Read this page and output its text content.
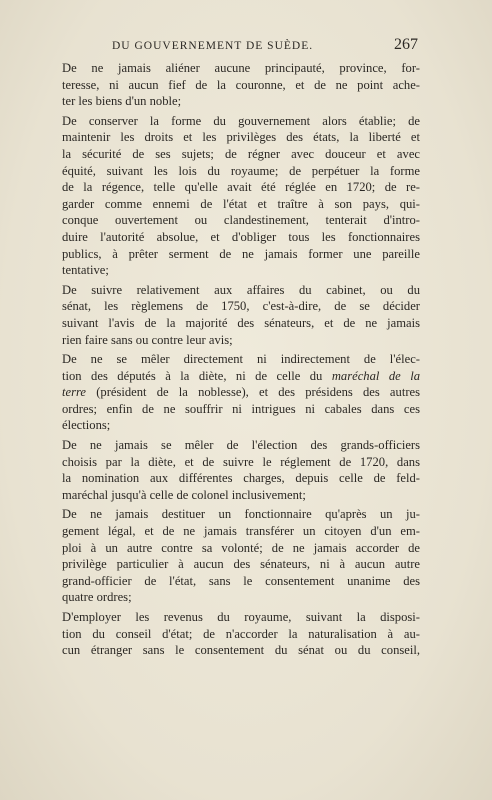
DU GOUVERNEMENT DE SUÈDE.	267

De ne jamais aliéner aucune principauté, province, for-
teresse, ni aucun fief de la couronne, et de ne point ache-
ter les biens d'un noble;

De conserver la forme du gouvernement alors établie; de
maintenir les droits et les privilèges des états, la liberté et
la sécurité de ses sujets; de régner avec douceur et avec
équité, suivant les lois du royaume; de perpétuer la forme
de la régence, telle qu'elle avait été réglée en 1720; de re-
garder comme ennemi de l'état et traître à son pays, qui-
conque ouvertement ou clandestinement, tenterait d'intro-
duire l'autorité absolue, et d'obliger tous les fonctionnaires
publics, à prêter serment de ne jamais former une pareille
tentative;

De suivre relativement aux affaires du cabinet, ou du
sénat, les règlemens de 1750, c'est-à-dire, de se décider
suivant l'avis de la majorité des sénateurs, et de ne jamais
rien faire sans ou contre leur avis;

De ne se mêler directement ni indirectement de l'élec-
tion des députés à la diète, ni de celle du maréchal de la
terre (président de la noblesse), et des présidens des autres
ordres; enfin de ne souffrir ni intrigues ni cabales dans ces
élections;

De ne jamais se mêler de l'élection des grands-officiers
choisis par la diète, et de suivre le réglement de 1720, dans
la nomination aux différentes charges, depuis celle de feld-
maréchal jusqu'à celle de colonel inclusivement;

De ne jamais destituer un fonctionnaire qu'après un ju-
gement légal, et de ne jamais transférer un citoyen d'un em-
ploi à un autre contre sa volonté; de ne jamais accorder de
privilège particulier à aucun des sénateurs, ni à aucun autre
grand-officier de l'état, sans le consentement unanime des
quatre ordres;

D'employer les revenus du royaume, suivant la disposi-
tion du conseil d'état; de n'accorder la naturalisation à au-
cun étranger sans le consentement du sénat ou du conseil,
